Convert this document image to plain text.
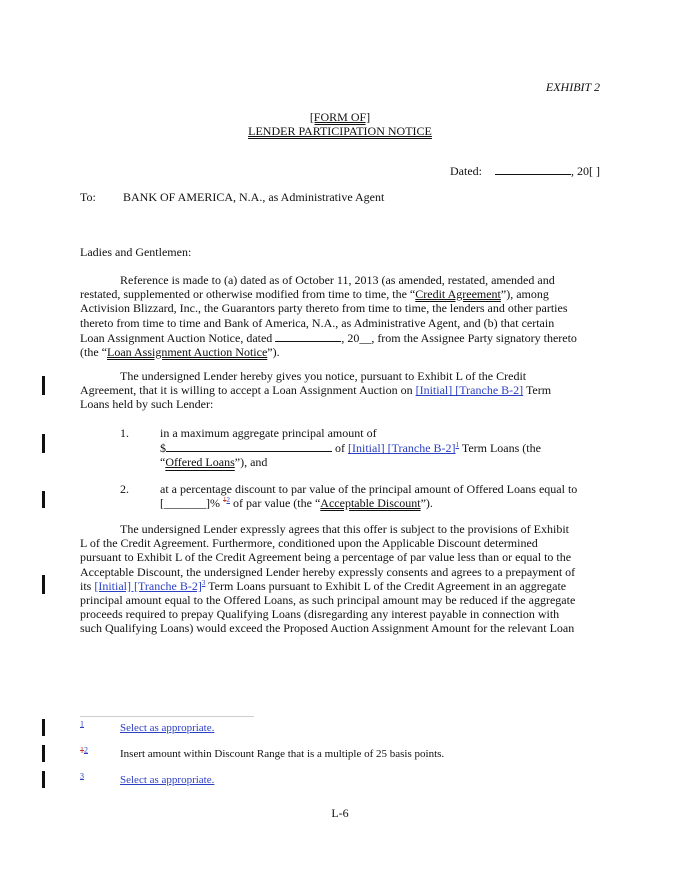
EXHIBIT 2
[FORM OF]
LENDER PARTICIPATION NOTICE
Dated:	, 20[ ]
To: BANK OF AMERICA, N.A., as Administrative Agent
Ladies and Gentlemen:
Reference is made to (a) dated as of October 11, 2013 (as amended, restated, amended and
restated, supplemented or otherwise modified from time to time, the “Credit Agreement”), among
Activision Blizzard, Inc., the Guarantors party thereto from time to time, the lenders and other parties
thereto from time to time and Bank of America, N.A., as Administrative Agent, and (b) that certain
Loan Assignment Auction Notice, dated	, 20__, from the Assignee Party signatory thereto
(the “Loan Assignment Auction Notice”).
The undersigned Lender hereby gives you notice, pursuant to Exhibit L of the Credit
Agreement, that it is willing to accept a Loan Assignment Auction on [Initial] [Tranche B-2] Term
Loans held by such Lender:
1.	in a maximum aggregate principal amount of
$	of [Initial] [Tranche B-2]$^1$ Term Loans (the
“Offered Loans”), and
2.	at a percentage discount to par value of the principal amount of Offered Loans equal to
[_______]% $^{12}$ of par value (the “Acceptable Discount”).
The undersigned Lender expressly agrees that this offer is subject to the provisions of Exhibit
L of the Credit Agreement. Furthermore, conditioned upon the Applicable Discount determined
pursuant to Exhibit L of the Credit Agreement being a percentage of par value less than or equal to the
Acceptable Discount, the undersigned Lender hereby expressly consents and agrees to a prepayment of
its [Initial] [Tranche B-2]$^3$ Term Loans pursuant to Exhibit L of the Credit Agreement in an aggregate
principal amount equal to the Offered Loans, as such principal amount may be reduced if the aggregate
proceeds required to prepay Qualifying Loans (disregarding any interest payable in connection with
such Qualifying Loans) would exceed the Proposed Auction Assignment Amount for the relevant Loan
$^1$	Select as appropriate.
$^{12}$	Insert amount within Discount Range that is a multiple of 25 basis points.
$^3$	Select as appropriate.
L-6
